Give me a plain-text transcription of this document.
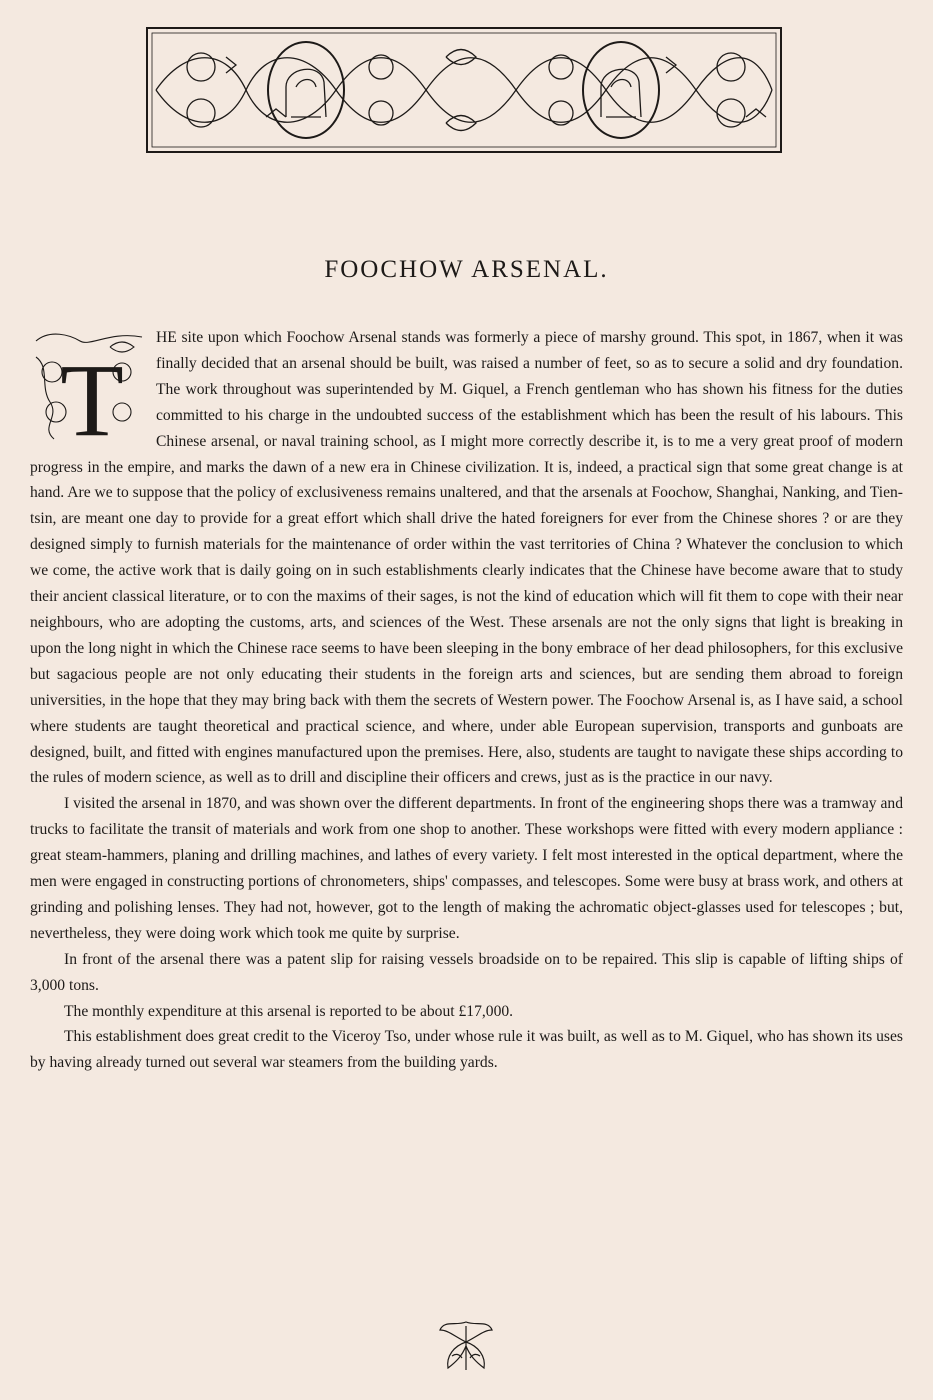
FOOCHOW ARSENAL.
T

HE site upon which Foochow Arsenal stands was formerly a piece of marshy ground. This spot, in 1867, when it was finally decided that an arsenal should be built, was raised a number of feet, so as to secure a solid and dry foundation. The work throughout was superintended by M. Giquel, a French gentleman who has shown his fitness for the duties committed to his charge in the undoubted success of the establishment which has been the result of his labours. This Chinese arsenal, or naval training school, as I might more correctly describe it, is to me a very great proof of modern progress in the empire, and marks the dawn of a new era in Chinese civilization. It is, indeed, a practical sign that some great change is at hand. Are we to suppose that the policy of exclusiveness remains unaltered, and that the arsenals at Foochow, Shanghai, Nanking, and Tien-tsin, are meant one day to provide for a great effort which shall drive the hated foreigners for ever from the Chinese shores ? or are they designed simply to furnish materials for the maintenance of order within the vast territories of China ? Whatever the conclusion to which we come, the active work that is daily going on in such establishments clearly indicates that the Chinese have become aware that to study their ancient classical literature, or to con the maxims of their sages, is not the kind of education which will fit them to cope with their near neighbours, who are adopting the customs, arts, and sciences of the West. These arsenals are not the only signs that light is breaking in upon the long night in which the Chinese race seems to have been sleeping in the bony embrace of her dead philosophers, for this exclusive but sagacious people are not only educating their students in the foreign arts and sciences, but are sending them abroad to foreign universities, in the hope that they may bring back with them the secrets of Western power. The Foochow Arsenal is, as I have said, a school where students are taught theoretical and practical science, and where, under able European supervision, transports and gunboats are designed, built, and fitted with engines manufactured upon the premises. Here, also, students are taught to navigate these ships according to the rules of modern science, as well as to drill and discipline their officers and crews, just as is the practice in our navy.

I visited the arsenal in 1870, and was shown over the different departments. In front of the engineering shops there was a tramway and trucks to facilitate the transit of materials and work from one shop to another. These workshops were fitted with every modern appliance : great steam-hammers, planing and drilling machines, and lathes of every variety. I felt most interested in the optical department, where the men were engaged in constructing portions of chronometers, ships' compasses, and telescopes. Some were busy at brass work, and others at grinding and polishing lenses. They had not, however, got to the length of making the achromatic object-glasses used for telescopes ; but, nevertheless, they were doing work which took me quite by surprise.

In front of the arsenal there was a patent slip for raising vessels broadside on to be repaired. This slip is capable of lifting ships of 3,000 tons.

The monthly expenditure at this arsenal is reported to be about £17,000.

This establishment does great credit to the Viceroy Tso, under whose rule it was built, as well as to M. Giquel, who has shown its uses by having already turned out several war steamers from the building yards.
